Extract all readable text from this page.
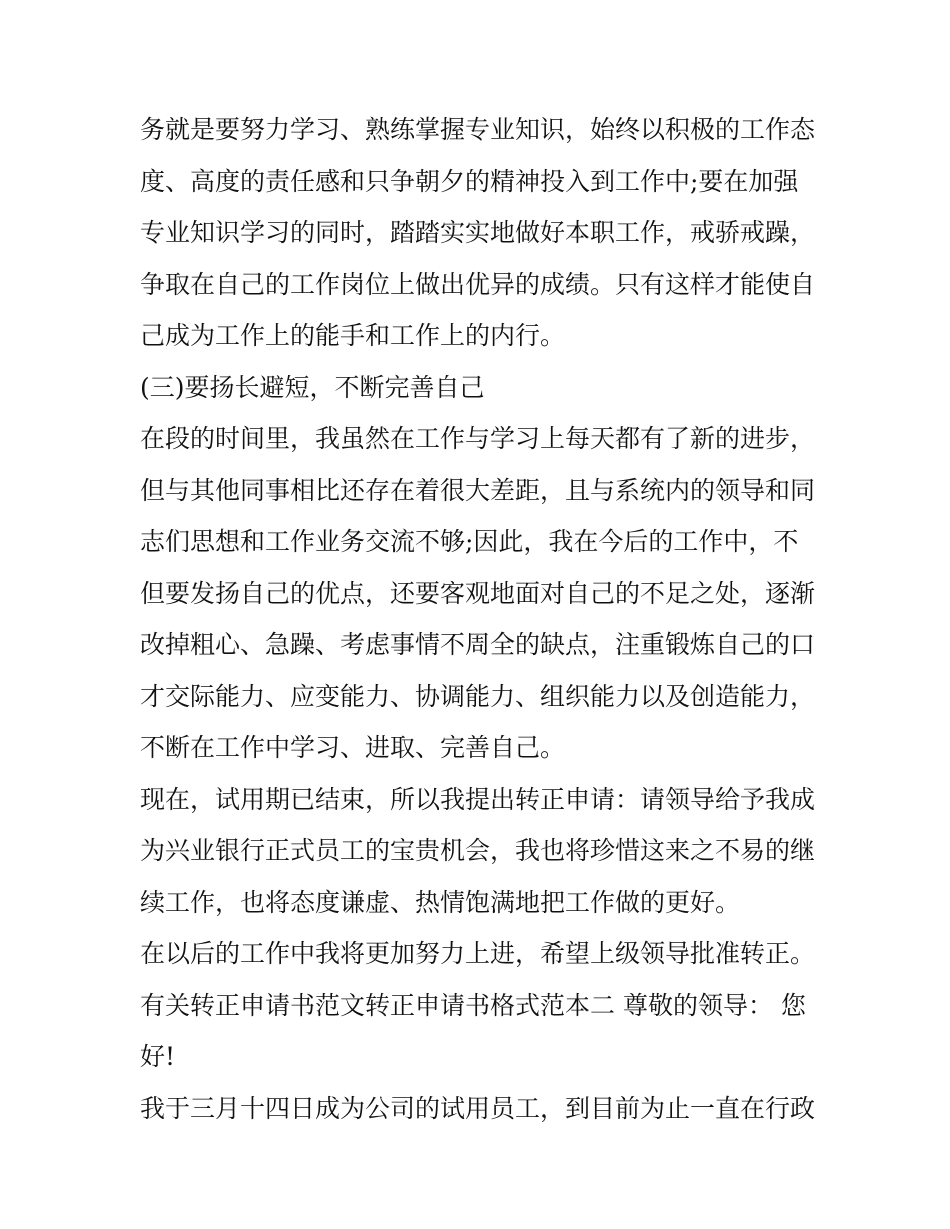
务就是要努力学习、熟练掌握专业知识，始终以积极的工作态
度、高度的责任感和只争朝夕的精神投入到工作中;要在加强
专业知识学习的同时，踏踏实实地做好本职工作，戒骄戒躁，
争取在自己的工作岗位上做出优异的成绩。只有这样才能使自
己成为工作上的能手和工作上的内行。
(三)要扬长避短，不断完善自己
在段的时间里，我虽然在工作与学习上每天都有了新的进步，
但与其他同事相比还存在着很大差距，且与系统内的领导和同
志们思想和工作业务交流不够;因此，我在今后的工作中，不
但要发扬自己的优点，还要客观地面对自己的不足之处，逐渐
改掉粗心、急躁、考虑事情不周全的缺点，注重锻炼自己的口
才交际能力、应变能力、协调能力、组织能力以及创造能力，
不断在工作中学习、进取、完善自己。
现在，试用期已结束，所以我提出转正申请：请领导给予我成
为兴业银行正式员工的宝贵机会，我也将珍惜这来之不易的继
续工作，也将态度谦虚、热情饱满地把工作做的更好。
在以后的工作中我将更加努力上进，希望上级领导批准转正。
有关转正申请书范文转正申请书格式范本二 尊敬的领导： 您
好!
我于三月十四日成为公司的试用员工，到目前为止一直在行政
